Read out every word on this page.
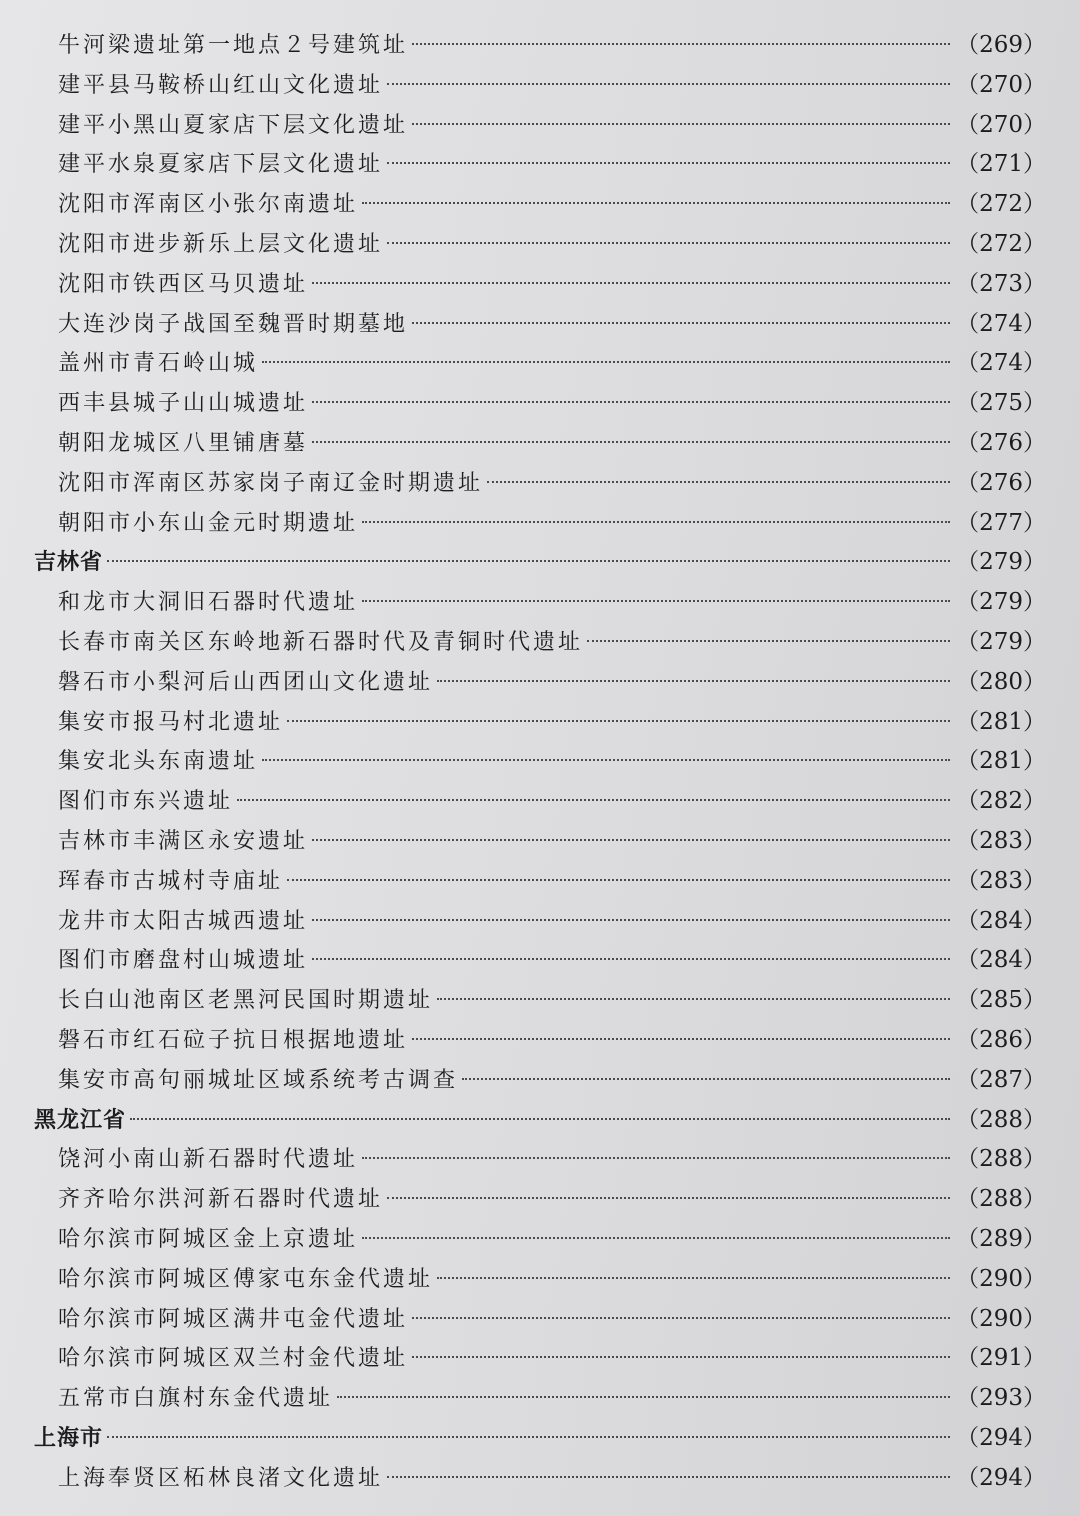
牛河梁遗址第一地点２号建筑址	（269）
建平县马鞍桥山红山文化遗址	（270）
建平小黑山夏家店下层文化遗址	（270）
建平水泉夏家店下层文化遗址	（271）
沈阳市浑南区小张尔南遗址	（272）
沈阳市进步新乐上层文化遗址	（272）
沈阳市铁西区马贝遗址	（273）
大连沙岗子战国至魏晋时期墓地	（274）
盖州市青石岭山城	（274）
西丰县城子山山城遗址	（275）
朝阳龙城区八里铺唐墓	（276）
沈阳市浑南区苏家岗子南辽金时期遗址	（276）
朝阳市小东山金元时期遗址	（277）
吉林省	（279）
和龙市大洞旧石器时代遗址	（279）
长春市南关区东岭地新石器时代及青铜时代遗址	（279）
磐石市小梨河后山西团山文化遗址	（280）
集安市报马村北遗址	（281）
集安北头东南遗址	（281）
图们市东兴遗址	（282）
吉林市丰满区永安遗址	（283）
珲春市古城村寺庙址	（283）
龙井市太阳古城西遗址	（284）
图们市磨盘村山城遗址	（284）
长白山池南区老黑河民国时期遗址	（285）
磐石市红石砬子抗日根据地遗址	（286）
集安市高句丽城址区域系统考古调查	（287）
黑龙江省	（288）
饶河小南山新石器时代遗址	（288）
齐齐哈尔洪河新石器时代遗址	（288）
哈尔滨市阿城区金上京遗址	（289）
哈尔滨市阿城区傅家屯东金代遗址	（290）
哈尔滨市阿城区满井屯金代遗址	（290）
哈尔滨市阿城区双兰村金代遗址	（291）
五常市白旗村东金代遗址	（293）
上海市	（294）
上海奉贤区柘林良渚文化遗址	（294）
